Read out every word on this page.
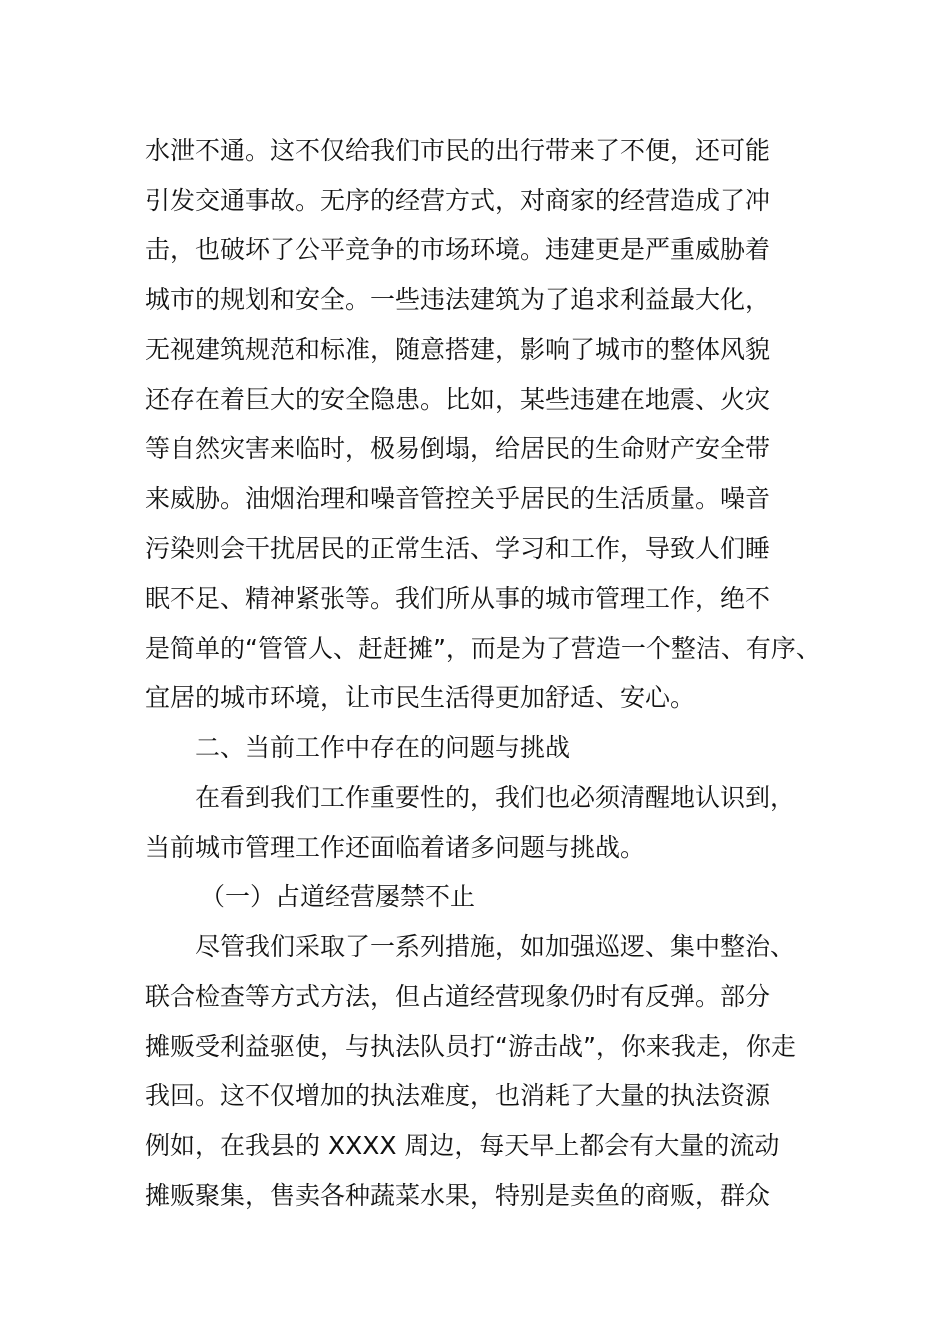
水泄不通。这不仅给我们市民的出行带来了不便，还可能
引发交通事故。无序的经营方式，对商家的经营造成了冲
击，也破坏了公平竞争的市场环境。违建更是严重威胁着
城市的规划和安全。一些违法建筑为了追求利益最大化，
无视建筑规范和标准，随意搭建，影响了城市的整体风貌
还存在着巨大的安全隐患。比如，某些违建在地震、火灾
等自然灾害来临时，极易倒塌，给居民的生命财产安全带
来威胁。油烟治理和噪音管控关乎居民的生活质量。噪音
污染则会干扰居民的正常生活、学习和工作，导致人们睡
眠不足、精神紧张等。我们所从事的城市管理工作，绝不
是简单的“管管人、赶赶摊”，而是为了营造一个整洁、有序、
宜居的城市环境，让市民生活得更加舒适、安心。
二、当前工作中存在的问题与挑战
在看到我们工作重要性的，我们也必须清醒地认识到，
当前城市管理工作还面临着诸多问题与挑战。
（一）占道经营屡禁不止
尽管我们采取了一系列措施，如加强巡逻、集中整治、
联合检查等方式方法，但占道经营现象仍时有反弹。部分
摊贩受利益驱使，与执法队员打“游击战”，你来我走，你走
我回。这不仅增加的执法难度，也消耗了大量的执法资源
例如，在我县的 XXXX 周边，每天早上都会有大量的流动
摊贩聚集，售卖各种蔬菜水果，特别是卖鱼的商贩，群众
